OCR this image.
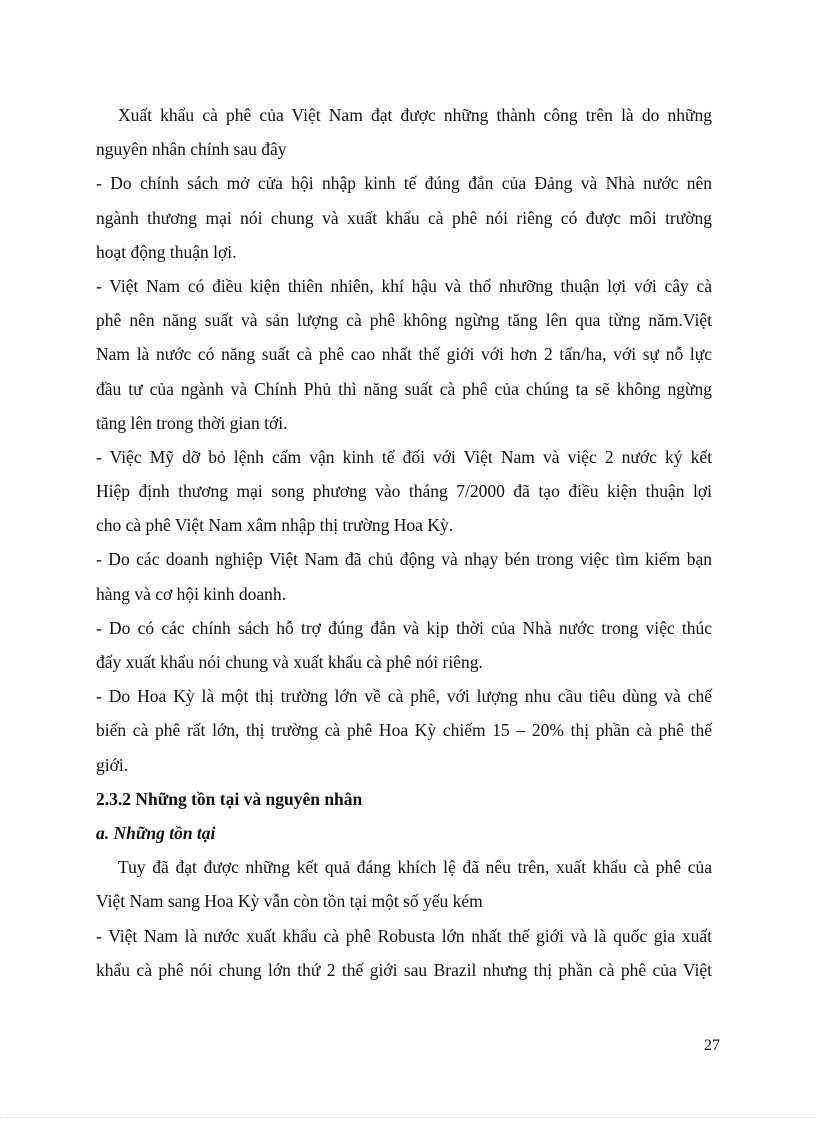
Xuất khẩu cà phê của Việt Nam đạt được những thành công trên là do những
nguyên nhân chính sau đây
- Do chính sách mở cửa hội nhập kinh tế đúng đắn của Đảng và Nhà nước nên
ngành thương mại nói chung và xuất khẩu cà phê nói riêng có được môi trường
hoạt động thuận lợi.
- Việt Nam có điều kiện thiên nhiên, khí hậu và thổ nhưỡng thuận lợi với cây cà
phê nên năng suất và sản lượng cà phê không ngừng tăng lên qua từng năm.Việt
Nam là nước có năng suất cà phê cao nhất thế giới với hơn 2 tấn/ha, với sự nỗ lực
đầu tư của ngành và Chính Phủ thì năng suất cà phê của chúng ta sẽ không ngừng
tăng lên trong thời gian tới.
- Việc Mỹ dỡ bỏ lệnh cấm vận kinh tế đối với Việt Nam và việc 2 nước ký kết
Hiệp định thương mại song phương vào tháng 7/2000 đã tạo điều kiện thuận lợi
cho cà phê Việt Nam xâm nhập thị trường Hoa Kỳ.
- Do các doanh nghiệp Việt Nam đã chủ động và nhạy bén trong việc tìm kiếm bạn
hàng và cơ hội kinh doanh.
- Do có các chính sách hỗ trợ đúng đắn và kịp thời của Nhà nước trong việc thúc
đẩy xuất khẩu nói chung và xuất khẩu cà phê nói riêng.
- Do Hoa Kỳ là một thị trường lớn về cà phê, với lượng nhu cầu tiêu dùng và chế
biến cà phê rất lớn, thị trường cà phê Hoa Kỳ chiếm 15 – 20% thị phần cà phê thế
giới.
2.3.2 Những tồn tại và nguyên nhân
a. Những tồn tại
Tuy đã đạt được những kết quả đáng khích lệ đã nêu trên, xuất khẩu cà phê của
Việt Nam sang Hoa Kỳ vẫn còn tồn tại một số yếu kém
- Việt Nam là nước xuất khẩu cà phê Robusta lớn nhất thế giới và là quốc gia xuất
khẩu cà phê nói chung lớn thứ 2 thế giới sau Brazil nhưng thị phần cà phê của Việt
27
